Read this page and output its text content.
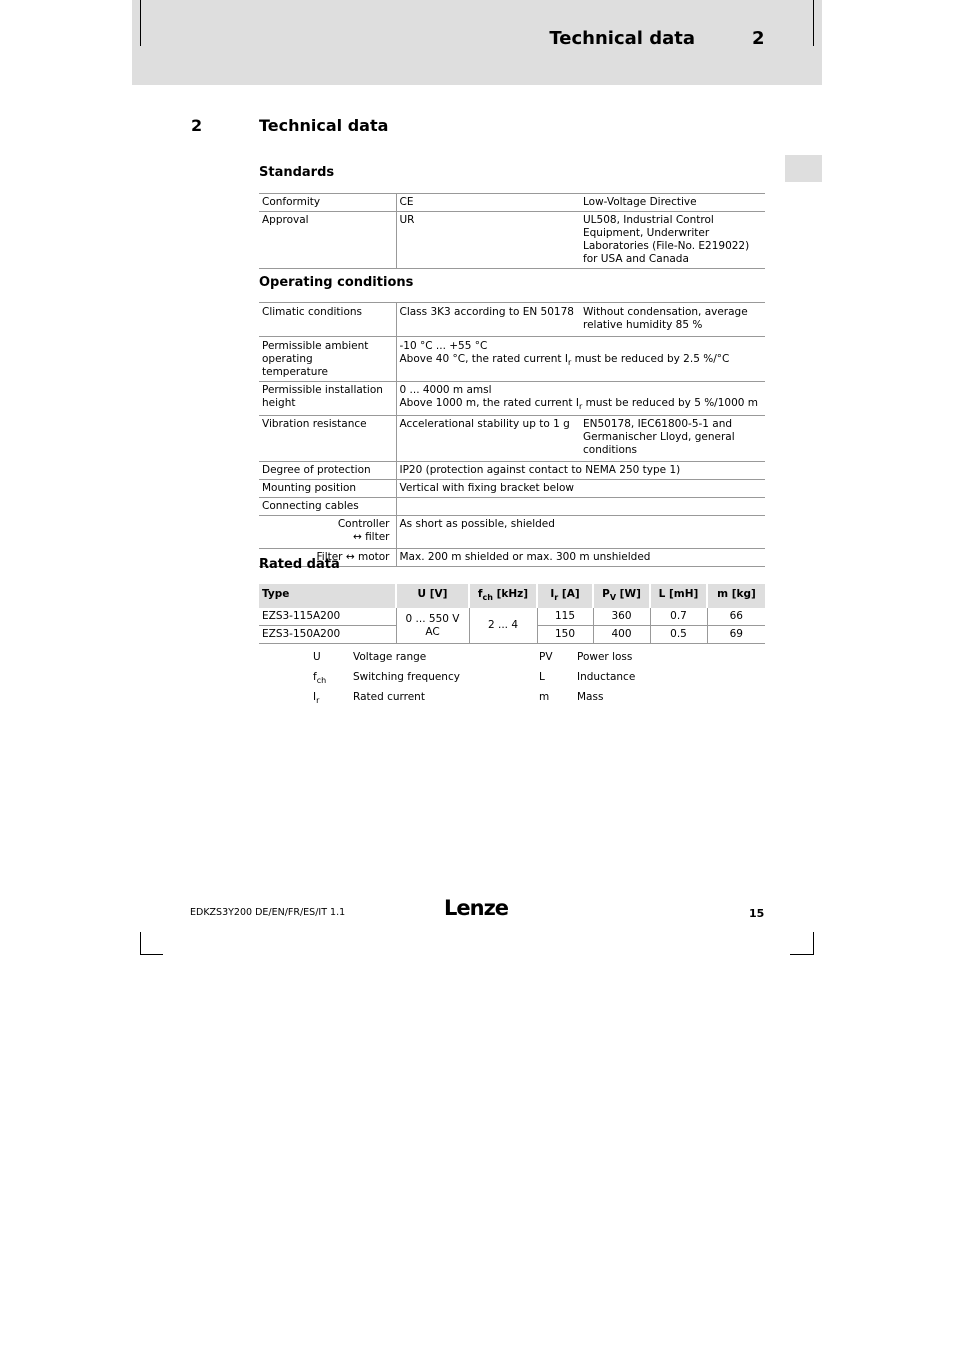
Technical data	2
2	Technical data
Standards
Conformity	CE	Low-Voltage Directive
Approval	UR	UL508, Industrial Control Equipment, Underwriter Laboratories (File-No. E219022) for USA and Canada
Operating conditions
Climatic conditions	Class 3K3 according to EN 50178	Without condensation, average relative humidity 85 %
Permissible ambient operating temperature	-10 °C ... +55 °C
Above 40 °C, the rated current $I_r$ must be reduced by 2.5 %/°C	

Permissible installation height	0 ... 4000 m amsl
Above 1000 m, the rated current $I_r$ must be reduced by 5 %/1000 m	

Vibration resistance	Accelerational stability up to 1 g	EN50178, IEC61800-5-1 and Germanischer Lloyd, general conditions
Degree of protection	IP20 (protection against contact to NEMA 250 type 1)	
Mounting position	Vertical with fixing bracket below	
Connecting cables		

Controller
↔ filter	As short as possible, shielded	
Filter ↔ motor	Max. 200 m shielded or max. 300 m unshielded	
Rated data
Type	U [V]	$f_{ch}$ [kHz]	$I_r$ [A]	$P_V$ [W]	L [mH]	m [kg]
EZS3-115A200	0 ... 550 V AC	2 ... 4	115	360	0.7	66
EZS3-150A200			150	400	0.5	69
U	Voltage range	PV	Power loss
$f_{ch}$	Switching frequency	L	Inductance
$I_r$	Rated current	m	Mass
EDKZS3Y200 DE/EN/FR/ES/IT 1.1	Lenze	15
